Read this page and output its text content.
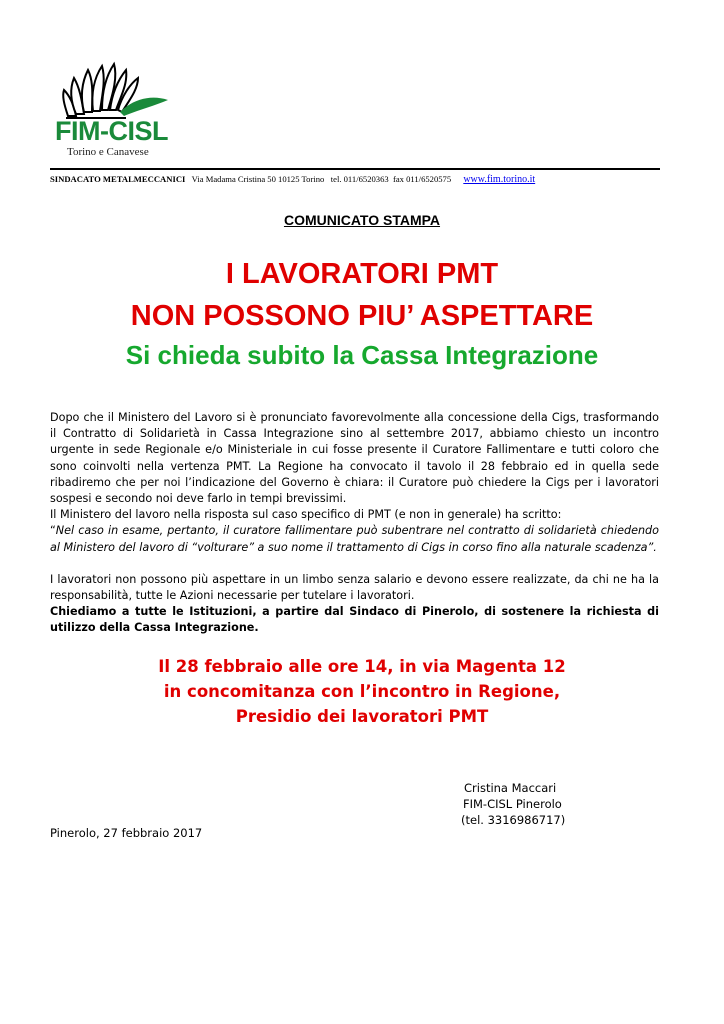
FIM-CISL
Torino e Canavese
SINDACATO METALMECCANICI Via Madama Cristina 50 10125 Torino tel. 011/6520363 fax 011/6520575 www.fim.torino.it
COMUNICATO STAMPA
I LAVORATORI PMT
NON POSSONO PIU’ ASPETTARE
Si chieda subito la Cassa Integrazione

Dopo che il Ministero del Lavoro si è pronunciato favorevolmente alla concessione della Cigs, trasformando il Contratto di Solidarietà in Cassa Integrazione sino al settembre 2017, abbiamo chiesto un incontro urgente in sede Regionale e/o Ministeriale in cui fosse presente il Curatore Fallimentare e tutti coloro che sono coinvolti nella vertenza PMT. La Regione ha convocato il tavolo il 28 febbraio ed in quella sede ribadiremo che per noi l’indicazione del Governo è chiara: il Curatore può chiedere la Cigs per i lavoratori sospesi e secondo noi deve farlo in tempi brevissimi.

Il Ministero del lavoro nella risposta sul caso specifico di PMT (e non in generale) ha scritto:

“Nel caso in esame, pertanto, il curatore fallimentare può subentrare nel contratto di solidarietà chiedendo al Ministero del lavoro di “volturare” a suo nome il trattamento di Cigs in corso fino alla naturale scadenza”.

I lavoratori non possono più aspettare in un limbo senza salario e devono essere realizzate, da chi ne ha la responsabilità, tutte le Azioni necessarie per tutelare i lavoratori.

Chiediamo a tutte le Istituzioni, a partire dal Sindaco di Pinerolo, di sostenere la richiesta di utilizzo della Cassa Integrazione.

Il 28 febbraio alle ore 14, in via Magenta 12
in concomitanza con l’incontro in Regione,
Presidio dei lavoratori PMT
Cristina Maccari
FIM-CISL Pinerolo
(tel. 3316986717)
Pinerolo, 27 febbraio 2017
